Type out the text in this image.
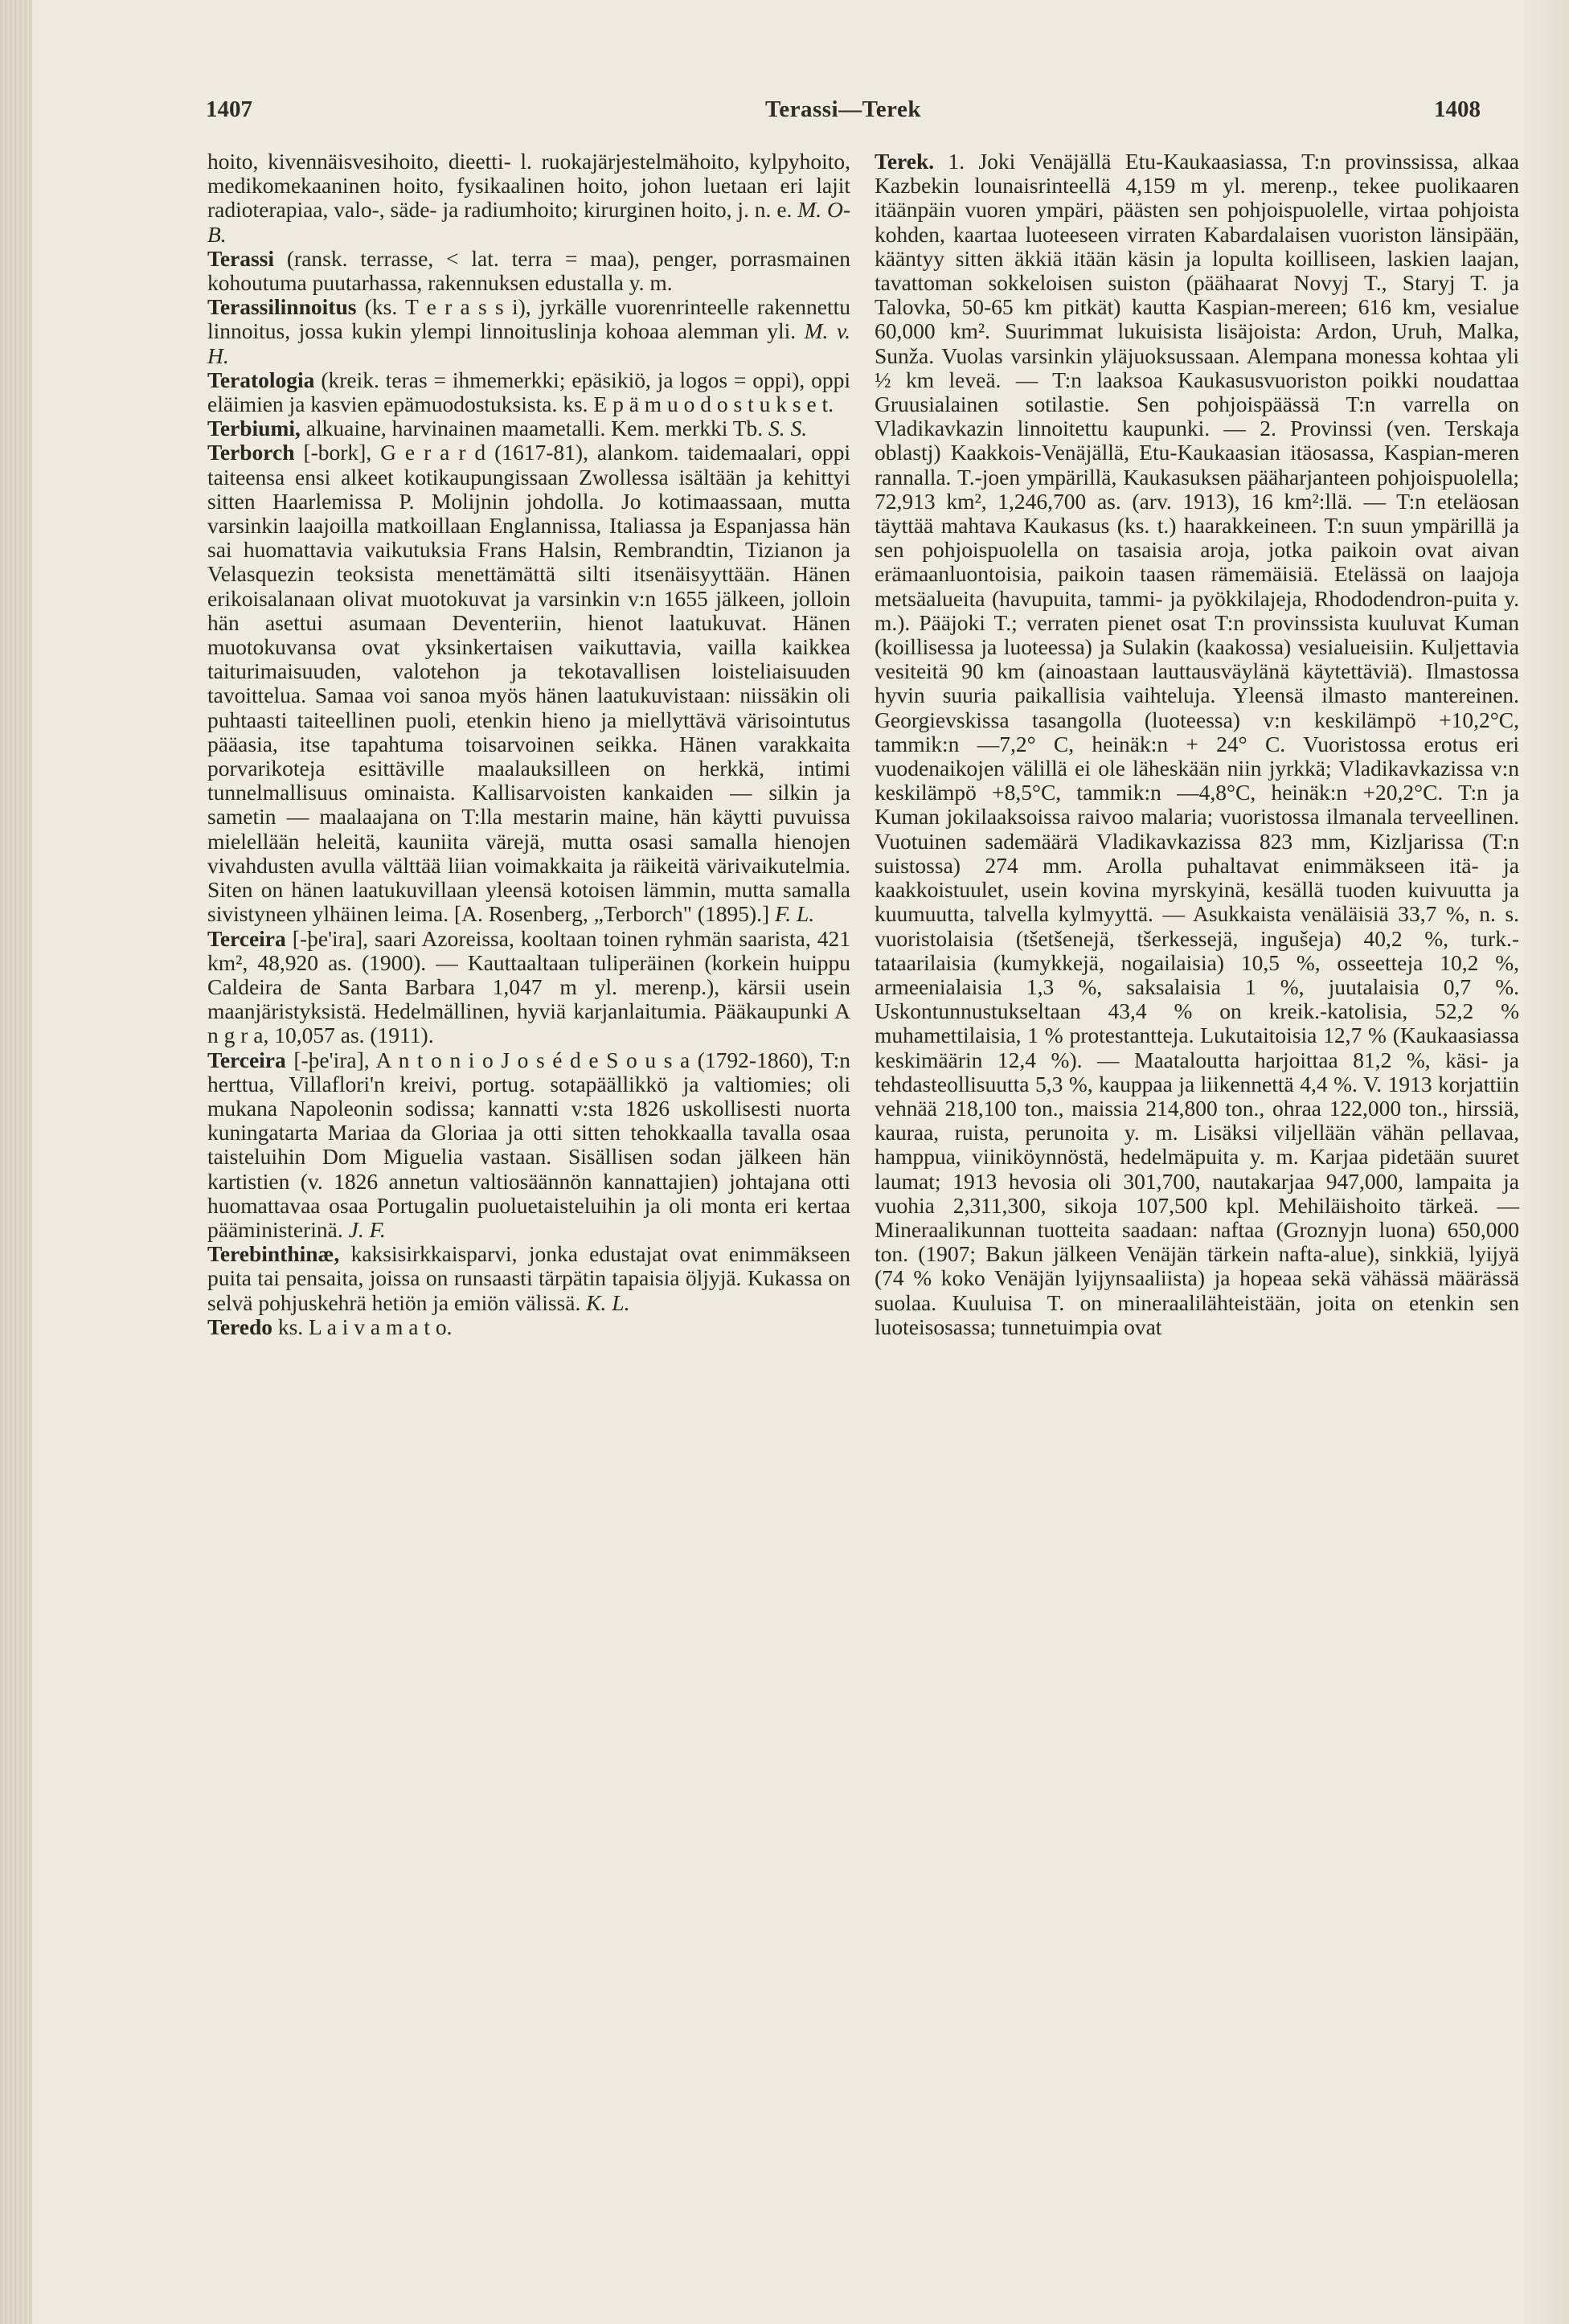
1407	Terassi—Terek	1408

hoito, kivennäisvesihoito, dieetti- l. ruokajärjestelmähoito, kylpyhoito, medikomekaaninen hoito, fysikaalinen hoito, johon luetaan eri lajit radioterapiaa, valo-, säde- ja radiumhoito; kirurginen hoito, j. n. e. M. O-B.

Terassi (ransk. terrasse, < lat. terra = maa), penger, porrasmainen kohoutuma puutarhassa, rakennuksen edustalla y. m.

Terassilinnoitus (ks. T e r a s s i), jyrkälle vuorenrinteelle rakennettu linnoitus, jossa kukin ylempi linnoituslinja kohoaa alemman yli. M. v. H.

Teratologia (kreik. teras = ihmemerkki; epäsikiö, ja logos = oppi), oppi eläimien ja kasvien epämuodostuksista. ks. E p ä m u o d o s t u k s e t.

Terbiumi, alkuaine, harvinainen maametalli. Kem. merkki Tb. S. S.

Terborch [-bork], G e r a r d (1617-81), alankom. taidemaalari, oppi taiteensa ensi alkeet kotikaupungissaan Zwollessa isältään ja kehittyi sitten Haarlemissa P. Molijnin johdolla. Jo kotimaassaan, mutta varsinkin laajoilla matkoillaan Englannissa, Italiassa ja Espanjassa hän sai huomattavia vaikutuksia Frans Halsin, Rembrandtin, Tizianon ja Velasquezin teoksista menettämättä silti itsenäisyyttään. Hänen erikoisalanaan olivat muotokuvat ja varsinkin v:n 1655 jälkeen, jolloin hän asettui asumaan Deventeriin, hienot laatukuvat. Hänen muotokuvansa ovat yksinkertaisen vaikuttavia, vailla kaikkea taiturimaisuuden, valotehon ja tekotavallisen loisteliaisuuden tavoittelua. Samaa voi sanoa myös hänen laatukuvistaan: niissäkin oli puhtaasti taiteellinen puoli, etenkin hieno ja miellyttävä värisointutus pääasia, itse tapahtuma toisarvoinen seikka. Hänen varakkaita porvarikoteja esittäville maalauksilleen on herkkä, intimi tunnelmallisuus ominaista. Kallisarvoisten kankaiden — silkin ja sametin — maalaajana on T:lla mestarin maine, hän käytti puvuissa mielellään heleitä, kauniita värejä, mutta osasi samalla hienojen vivahdusten avulla välttää liian voimakkaita ja räikeitä värivaikutelmia. Siten on hänen laatukuvillaan yleensä kotoisen lämmin, mutta samalla sivistyneen ylhäinen leima. [A. Rosenberg, „Terborch" (1895).] F. L.

Terceira [-þe'ira], saari Azoreissa, kooltaan toinen ryhmän saarista, 421 km², 48,920 as. (1900). — Kauttaaltaan tuliperäinen (korkein huippu Caldeira de Santa Barbara 1,047 m yl. merenp.), kärsii usein maanjäristyksistä. Hedelmällinen, hyviä karjanlaitumia. Pääkaupunki A n g r a, 10,057 as. (1911).

Terceira [-þe'ira], A n t o n i o J o s é d e S o u s a (1792-1860), T:n herttua, Villaflori'n kreivi, portug. sotapäällikkö ja valtiomies; oli mukana Napoleonin sodissa; kannatti v:sta 1826 uskollisesti nuorta kuningatarta Mariaa da Gloriaa ja otti sitten tehokkaalla tavalla osaa taisteluihin Dom Miguelia vastaan. Sisällisen sodan jälkeen hän kartistien (v. 1826 annetun valtiosäännön kannattajien) johtajana otti huomattavaa osaa Portugalin puoluetaisteluihin ja oli monta eri kertaa pääministerinä. J. F.

Terebinthinæ, kaksisirkkaisparvi, jonka edustajat ovat enimmäkseen puita tai pensaita, joissa on runsaasti tärpätin tapaisia öljyjä. Kukassa on selvä pohjuskehrä hetiön ja emiön välissä. K. L.

Teredo ks. L a i v a m a t o.

Terek. 1. Joki Venäjällä Etu-Kaukaasiassa, T:n provinssissa, alkaa Kazbekin lounaisrinteellä 4,159 m yl. merenp., tekee puolikaaren itäänpäin vuoren ympäri, päästen sen pohjoispuolelle, virtaa pohjoista kohden, kaartaa luoteeseen virraten Kabardalaisen vuoriston länsipään, kääntyy sitten äkkiä itään käsin ja lopulta koilliseen, laskien laajan, tavattoman sokkeloisen suiston (päähaarat Novyj T., Staryj T. ja Talovka, 50-65 km pitkät) kautta Kaspian-mereen; 616 km, vesialue 60,000 km². Suurimmat lukuisista lisäjoista: Ardon, Uruh, Malka, Sunža. Vuolas varsinkin yläjuoksussaan. Alempana monessa kohtaa yli ½ km leveä. — T:n laaksoa Kaukasusvuoriston poikki noudattaa Gruusialainen sotilastie. Sen pohjoispäässä T:n varrella on Vladikavkazin linnoitettu kaupunki. — 2. Provinssi (ven. Terskaja oblastj) Kaakkois-Venäjällä, Etu-Kaukaasian itäosassa, Kaspian-meren rannalla. T.-joen ympärillä, Kaukasuksen pääharjanteen pohjoispuolella; 72,913 km², 1,246,700 as. (arv. 1913), 16 km²:llä. — T:n eteläosan täyttää mahtava Kaukasus (ks. t.) haarakkeineen. T:n suun ympärillä ja sen pohjoispuolella on tasaisia aroja, jotka paikoin ovat aivan erämaanluontoisia, paikoin taasen rämemäisiä. Etelässä on laajoja metsäalueita (havupuita, tammi- ja pyökkilajeja, Rhododendron-puita y. m.). Pääjoki T.; verraten pienet osat T:n provinssista kuuluvat Kuman (koillisessa ja luoteessa) ja Sulakin (kaakossa) vesialueisiin. Kuljettavia vesiteitä 90 km (ainoastaan lauttausväylänä käytettäviä). Ilmastossa hyvin suuria paikallisia vaihteluja. Yleensä ilmasto mantereinen. Georgievskissa tasangolla (luoteessa) v:n keskilämpö +10,2°C, tammik:n —7,2° C, heinäk:n + 24° C. Vuoristossa erotus eri vuodenaikojen välillä ei ole läheskään niin jyrkkä; Vladikavkazissa v:n keskilämpö +8,5°C, tammik:n —4,8°C, heinäk:n +20,2°C. T:n ja Kuman jokilaaksoissa raivoo malaria; vuoristossa ilmanala terveellinen. Vuotuinen sademäärä Vladikavkazissa 823 mm, Kizljarissa (T:n suistossa) 274 mm. Arolla puhaltavat enimmäkseen itä- ja kaakkoistuulet, usein kovina myrskyinä, kesällä tuoden kuivuutta ja kuumuutta, talvella kylmyyttä. — Asukkaista venäläisiä 33,7 %, n. s. vuoristolaisia (tšetšenejä, tšerkessejä, ingušeja) 40,2 %, turk.-tataarilaisia (kumykkejä, nogailaisia) 10,5 %, osseetteja 10,2 %, armeenialaisia 1,3 %, saksalaisia 1 %, juutalaisia 0,7 %. Uskontunnustukseltaan 43,4 % on kreik.-katolisia, 52,2 % muhamettilaisia, 1 % protestantteja. Lukutaitoisia 12,7 % (Kaukaasiassa keskimäärin 12,4 %). — Maataloutta harjoittaa 81,2 %, käsi- ja tehdasteollisuutta 5,3 %, kauppaa ja liikennettä 4,4 %. V. 1913 korjattiin vehnää 218,100 ton., maissia 214,800 ton., ohraa 122,000 ton., hirssiä, kauraa, ruista, perunoita y. m. Lisäksi viljellään vähän pellavaa, hamppua, viiniköynnöstä, hedelmäpuita y. m. Karjaa pidetään suuret laumat; 1913 hevosia oli 301,700, nautakarjaa 947,000, lampaita ja vuohia 2,311,300, sikoja 107,500 kpl. Mehiläishoito tärkeä. — Mineraalikunnan tuotteita saadaan: naftaa (Groznyjn luona) 650,000 ton. (1907; Bakun jälkeen Venäjän tärkein nafta-alue), sinkkiä, lyijyä (74 % koko Venäjän lyijynsaaliista) ja hopeaa sekä vähässä määrässä suolaa. Kuuluisa T. on mineraalilähteistään, joita on etenkin sen luoteisosassa; tunnetuimpia ovat
